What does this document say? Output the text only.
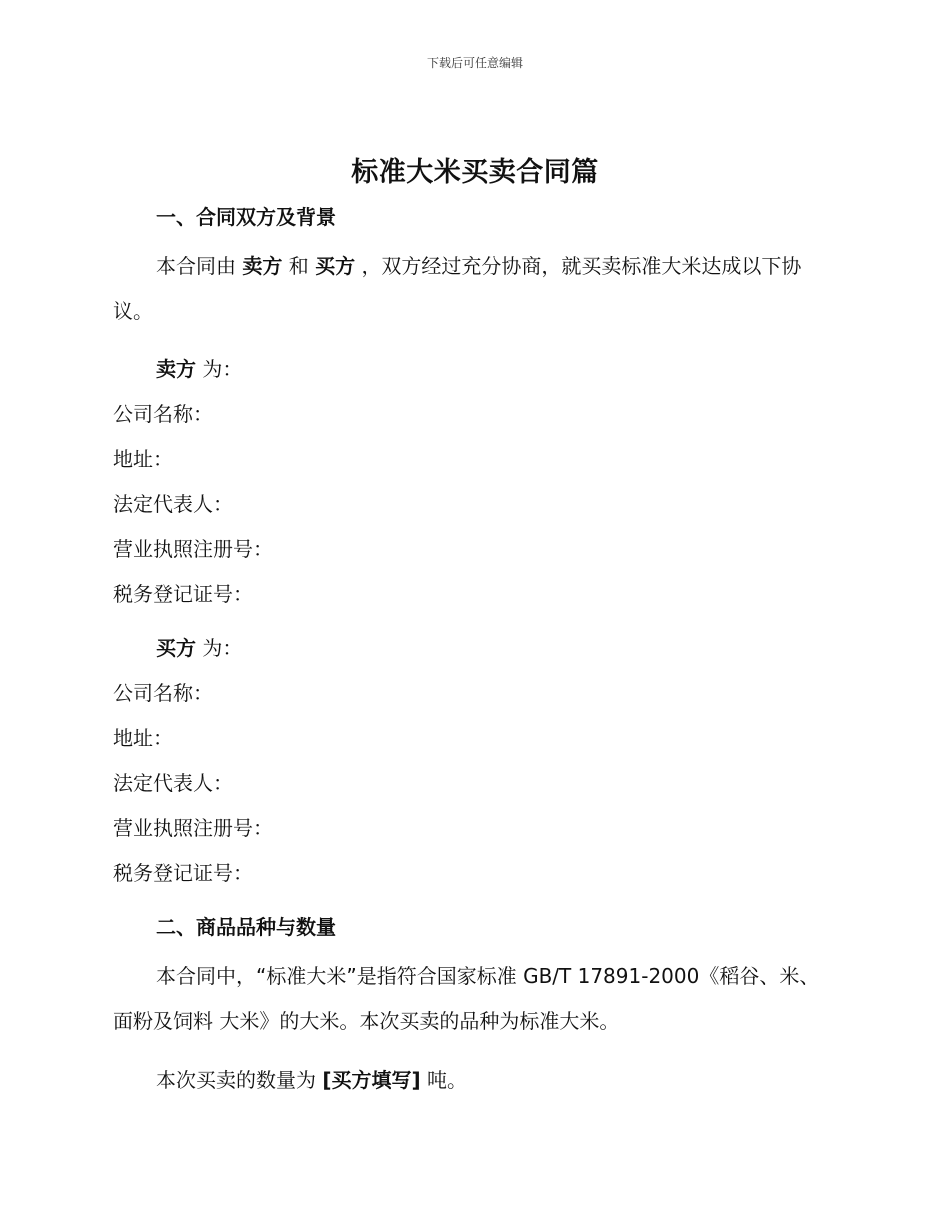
下载后可任意编辑
标准大米买卖合同篇
一、合同双方及背景
本合同由 卖方 和 买方 ，双方经过充分协商，就买卖标准大米达成以下协议。
卖方 为：
公司名称：
地址：
法定代表人：
营业执照注册号：
税务登记证号：
买方 为：
公司名称：
地址：
法定代表人：
营业执照注册号：
税务登记证号：
二、商品品种与数量
本合同中，“标准大米”是指符合国家标准 GB/T 17891-2000《稻谷、米、面粉及饲料 大米》的大米。本次买卖的品种为标准大米。
本次买卖的数量为 [买方填写] 吨。
